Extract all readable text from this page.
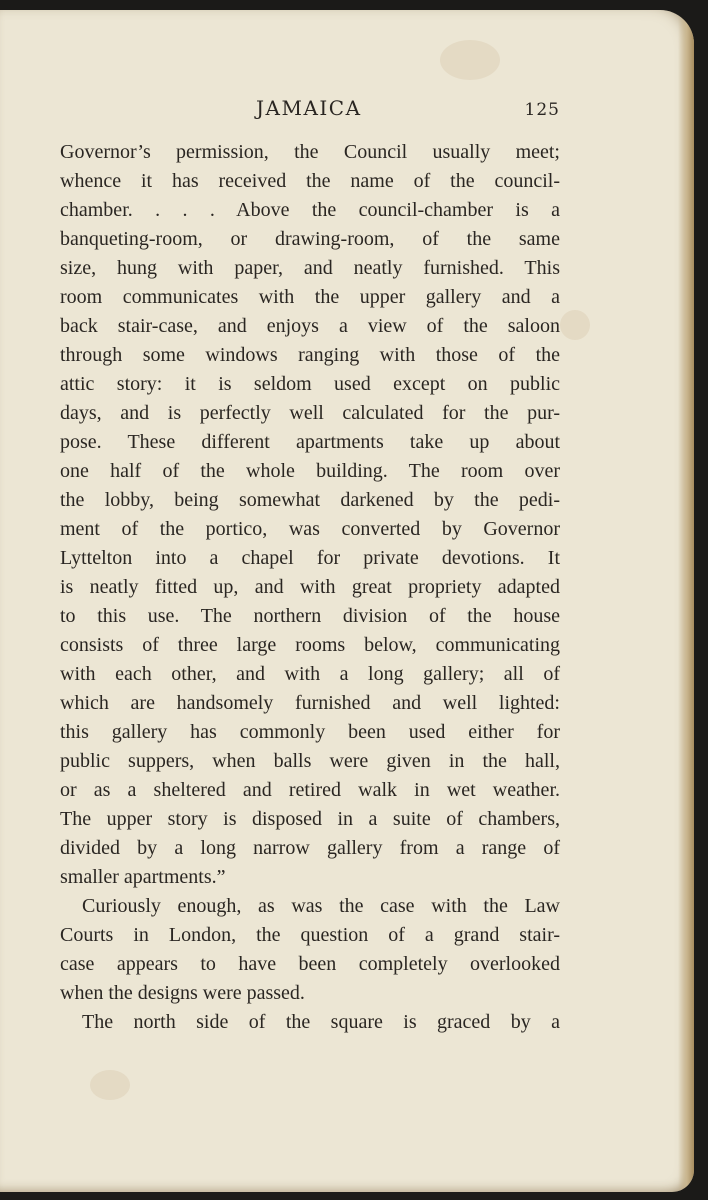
JAMAICA	125
Governor’s permission, the Council usually meet;
whence it has received the name of the council-
chamber. . . . Above the council-chamber is a
banqueting-room, or drawing-room, of the same
size, hung with paper, and neatly furnished. This
room communicates with the upper gallery and a
back stair-case, and enjoys a view of the saloon
through some windows ranging with those of the
attic story: it is seldom used except on public
days, and is perfectly well calculated for the pur-
pose. These different apartments take up about
one half of the whole building. The room over
the lobby, being somewhat darkened by the pedi-
ment of the portico, was converted by Governor
Lyttelton into a chapel for private devotions. It
is neatly fitted up, and with great propriety adapted
to this use. The northern division of the house
consists of three large rooms below, communicating
with each other, and with a long gallery; all of
which are handsomely furnished and well lighted:
this gallery has commonly been used either for
public suppers, when balls were given in the hall,
or as a sheltered and retired walk in wet weather.
The upper story is disposed in a suite of chambers,
divided by a long narrow gallery from a range of
smaller apartments.”
Curiously enough, as was the case with the Law
Courts in London, the question of a grand stair-
case appears to have been completely overlooked
when the designs were passed.
The north side of the square is graced by a
